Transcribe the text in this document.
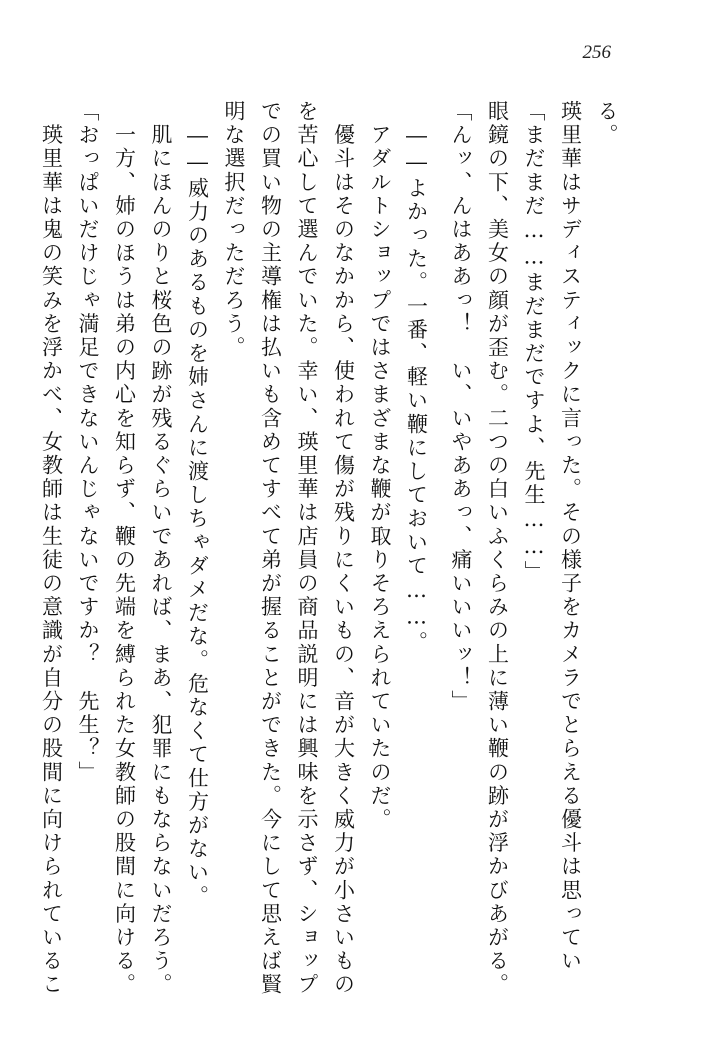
256
る。
瑛里華はサディスティックに言った。その様子をカメラでとらえる優斗は思ってい
「まだまだ……まだまだですよ、先生……」
眼鏡の下、美女の顔が歪む。二つの白いふくらみの上に薄い鞭の跡が浮かびあがる。
「んッ、んはああっ！　い、いやああっ、痛いいいッ！」
　――よかった。一番、軽い鞭にしておいて……。
　アダルトショップではさまざまな鞭が取りそろえられていたのだ。
　優斗はそのなかから、使われて傷が残りにくいもの、音が大きく威力が小さいもの
を苦心して選んでいた。幸い、瑛里華は店員の商品説明には興味を示さず、ショップ
での買い物の主導権は払いも含めてすべて弟が握ることができた。今にして思えば賢
明な選択だっただろう。
　――威力のあるものを姉さんに渡しちゃダメだな。危なくて仕方がない。
　肌にほんのりと桜色の跡が残るぐらいであれば、まあ、犯罪にもならないだろう。
　一方、姉のほうは弟の内心を知らず、鞭の先端を縛られた女教師の股間に向ける。
「おっぱいだけじゃ満足できないんじゃないですか？　先生？」
　瑛里華は鬼の笑みを浮かべ、女教師は生徒の意識が自分の股間に向けられているこ
